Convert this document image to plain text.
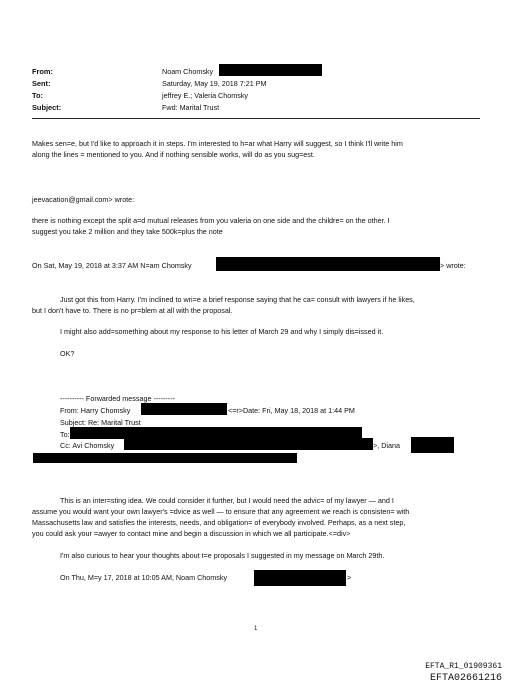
From:	Noam Chomsky
Sent:	Saturday, May 19, 2018 7:21 PM
To:	jeffrey E.; Valeria Chomsky
Subject:	Fwd: Marital Trust
Makes sen=e, but I'd like to approach it in steps. I'm interested to h=ar what Harry will suggest, so I think I'll write him
along the lines = mentioned to you. And if nothing sensible works, will do as you sug=est.
jeevacation@gmail.com> wrote:
there is nothing except the split a=d mutual releases from you valeria on one side and the childre= on the other. I
suggest you take 2 million and they take 500k=plus the note
On Sat, May 19, 2018 at 3:37 AM N=am Chomsky	> wrote:
Just got this from Harry. I'm inclined to wri=e a brief response saying that he ca= consult with lawyers if he likes,
but I don't have to. There is no pr=blem at all with the proposal.
I might also add=something about my response to his letter of March 29 and why I simply dis=issed it.
OK?
---------- Forwarded message ---------
From: Harry Chomsky	<=r>Date: Fri, May 18, 2018 at 1:44 PM
Subject: Re: Marital Trust
To:
Cc: Avi Chomsky	>, Diana
This is an inter=sting idea. We could consider it further, but I would need the advic= of my lawyer — and I
assume you would want your own lawyer's =dvice as well — to ensure that any agreement we reach is consisten= with
Massachusetts law and satisfies the interests, needs, and obligation= of everybody involved. Perhaps, as a next step,
you could ask your =awyer to contact mine and begin a discussion in which we all participate.<=div>
I'm also curious to hear your thoughts about t=e proposals I suggested in my message on March 29th.
On Thu, M=y 17, 2018 at 10:05 AM, Noam Chomsky	>
1
EFTA_R1_01909361
EFTA02661216
